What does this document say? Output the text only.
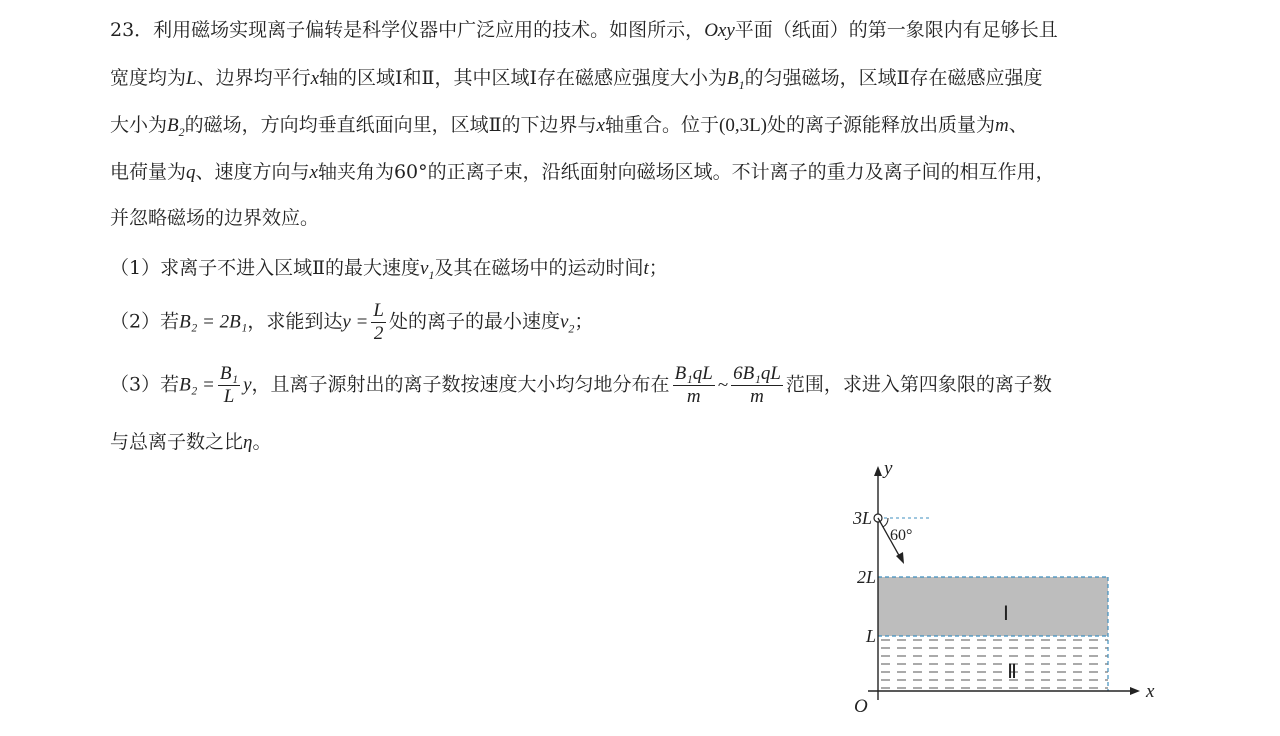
23．利用磁场实现离子偏转是科学仪器中广泛应用的技术。如图所示，Oxy平面（纸面）的第一象限内有足够长且
宽度均为L、边界均平行x轴的区域Ⅰ和Ⅱ，其中区域Ⅰ存在磁感应强度大小为$B_1$的匀强磁场，区域Ⅱ存在磁感应强度
大小为$B_2$的磁场，方向均垂直纸面向里，区域Ⅱ的下边界与x轴重合。位于(0,3L)处的离子源能释放出质量为m、
电荷量为q、速度方向与x轴夹角为60°的正离子束，沿纸面射向磁场区域。不计离子的重力及离子间的相互作用，
并忽略磁场的边界效应。
（1）求离子不进入区域Ⅱ的最大速度$v_1$及其在磁场中的运动时间t；
（2）若B₂ = 2B₁，求能到达$y = \frac{L}{2}$ 处的离子的最小速度$v_2$；
（3）若$B_2 = \frac{\text{B₁}}{L}$ y，且离子源射出的离子数按速度大小均匀地分布在 $\frac{\text{B₁qL}}{m}$ ~ $\frac{\text{6B₁qL}}{m}$ 范围，求进入第四象限的离子数
与总离子数之比η。
y
x
O
3L
2L
L
60°
Ⅰ
Ⅱ
